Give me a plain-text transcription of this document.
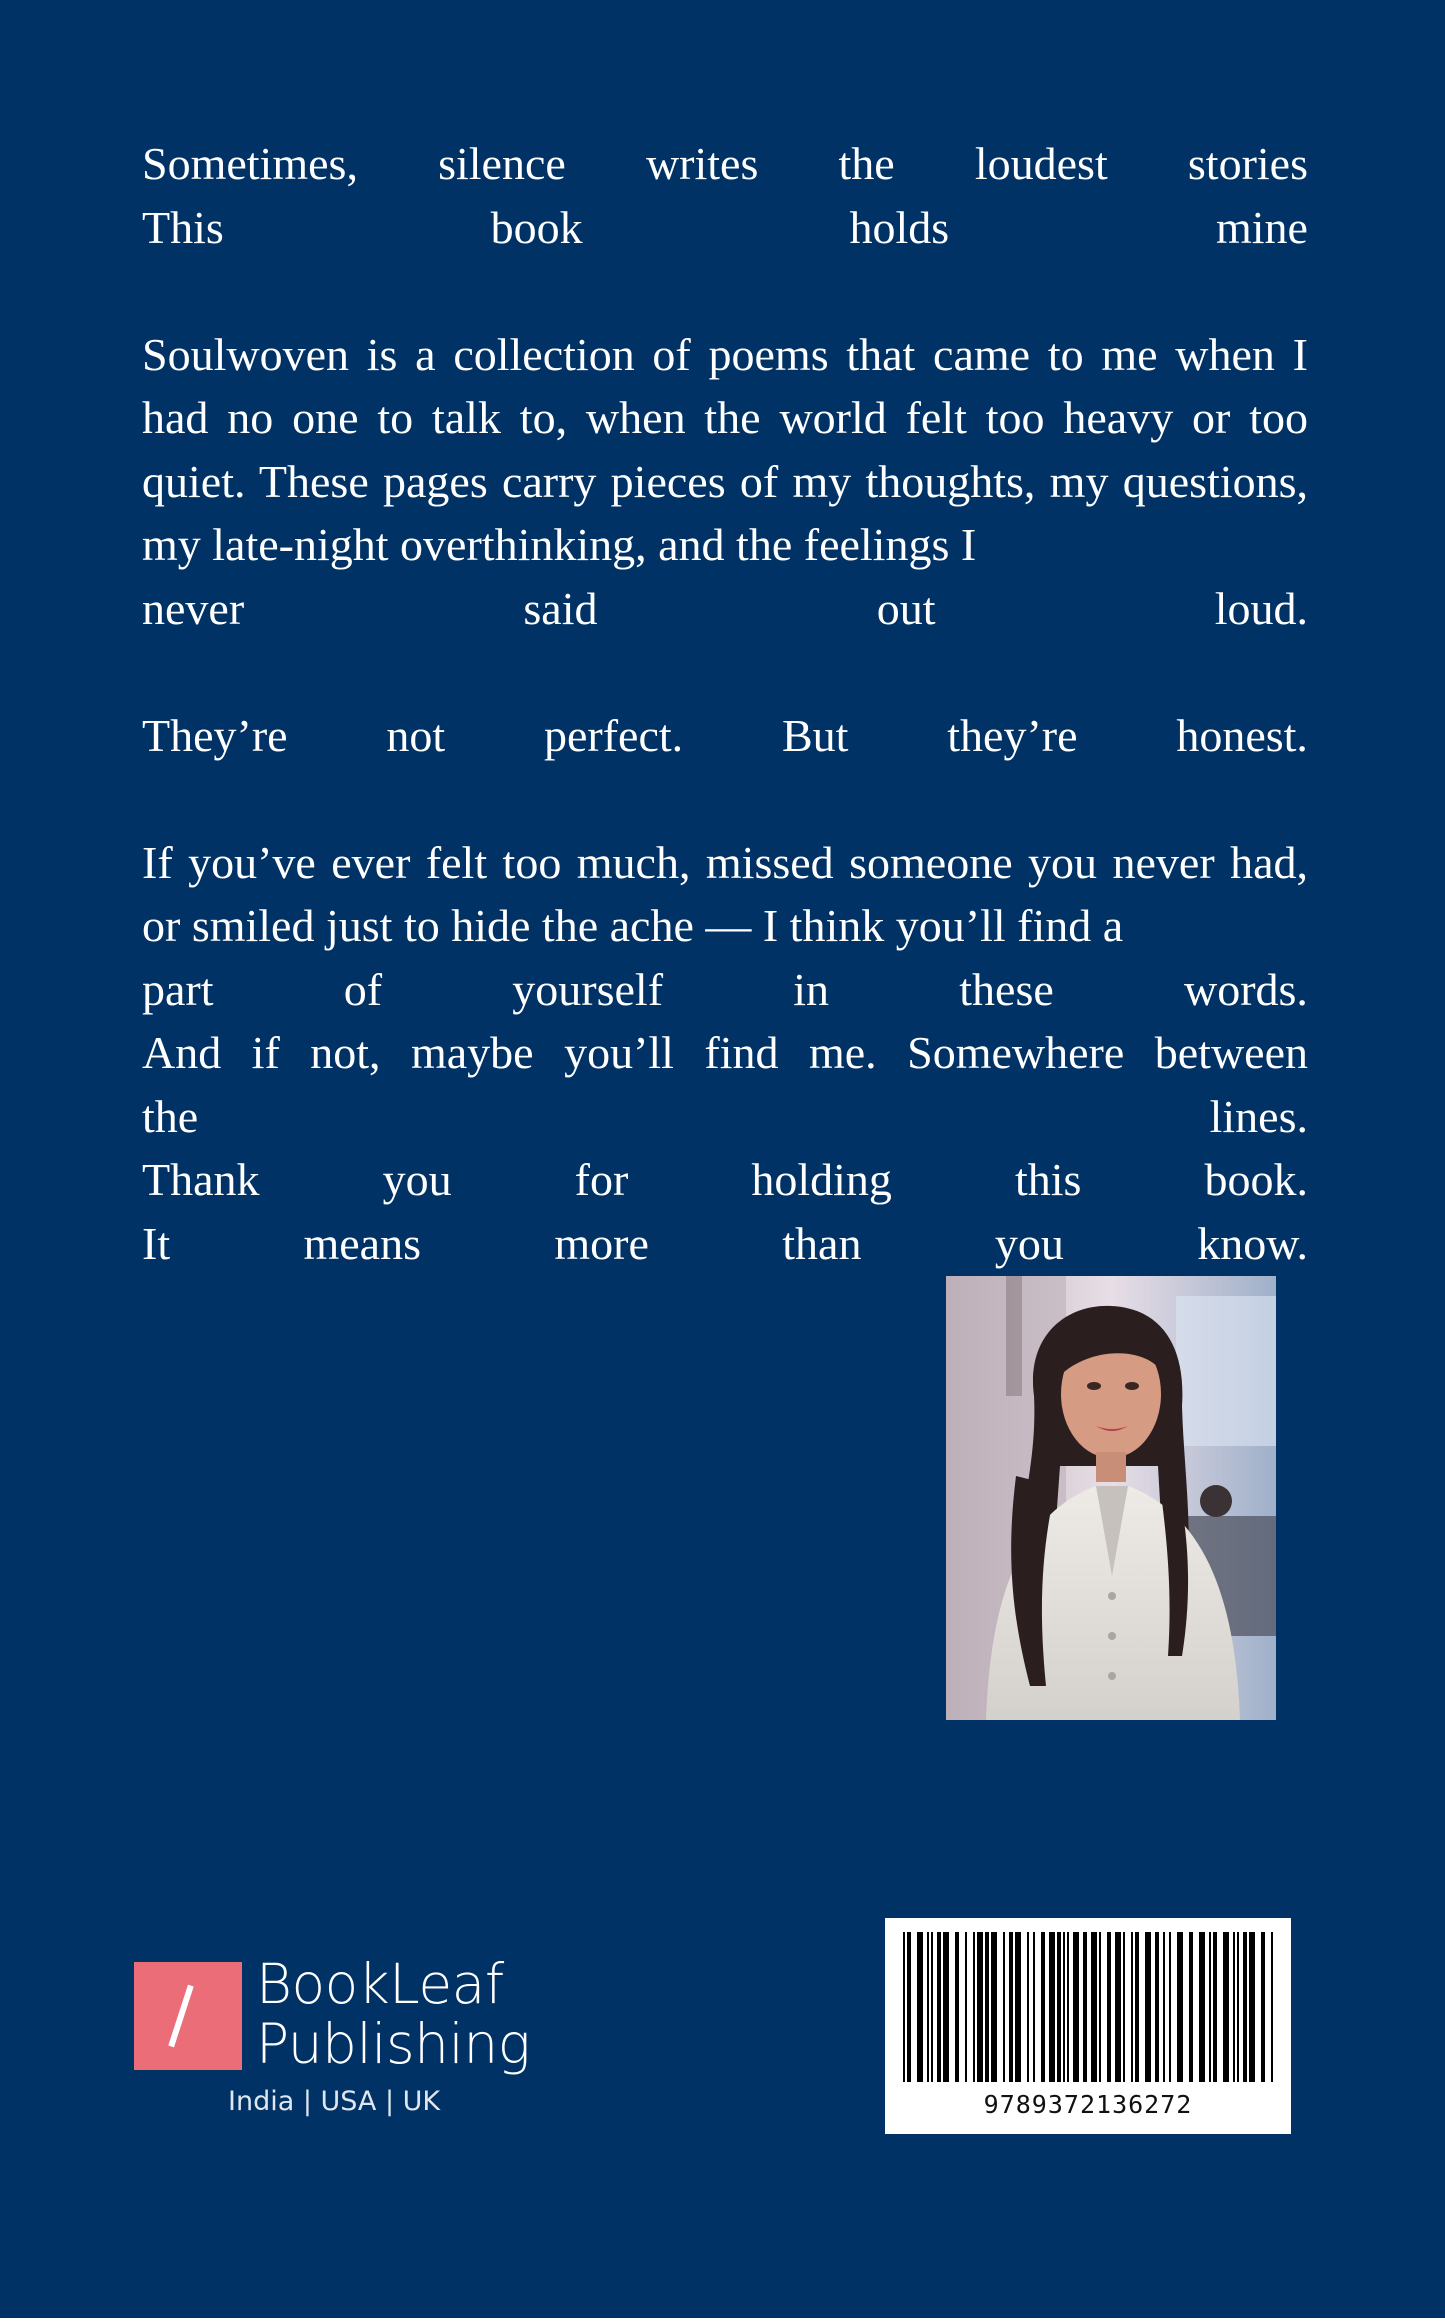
Sometimes, silence writes the loudest stories
This	book	holds	mine
Soulwoven is a collection of poems that came to me when I had no one to talk to, when the world felt too heavy or too quiet. These pages carry pieces of my thoughts, my questions, my late-night overthinking, and the feelings I
never	said	out	loud.
They’re not perfect. But they’re honest.
If you’ve ever felt too much, missed someone you never had, or smiled just to hide the ache — I think you’ll find a
part	of	yourself	in	these	words.
And if not, maybe you’ll find me. Somewhere between
the	lines.
Thank	you	for	holding	this	book.
It	means	more	than	you	know.
BookLeaf
Publishing
India | USA | UK	9789372136272
